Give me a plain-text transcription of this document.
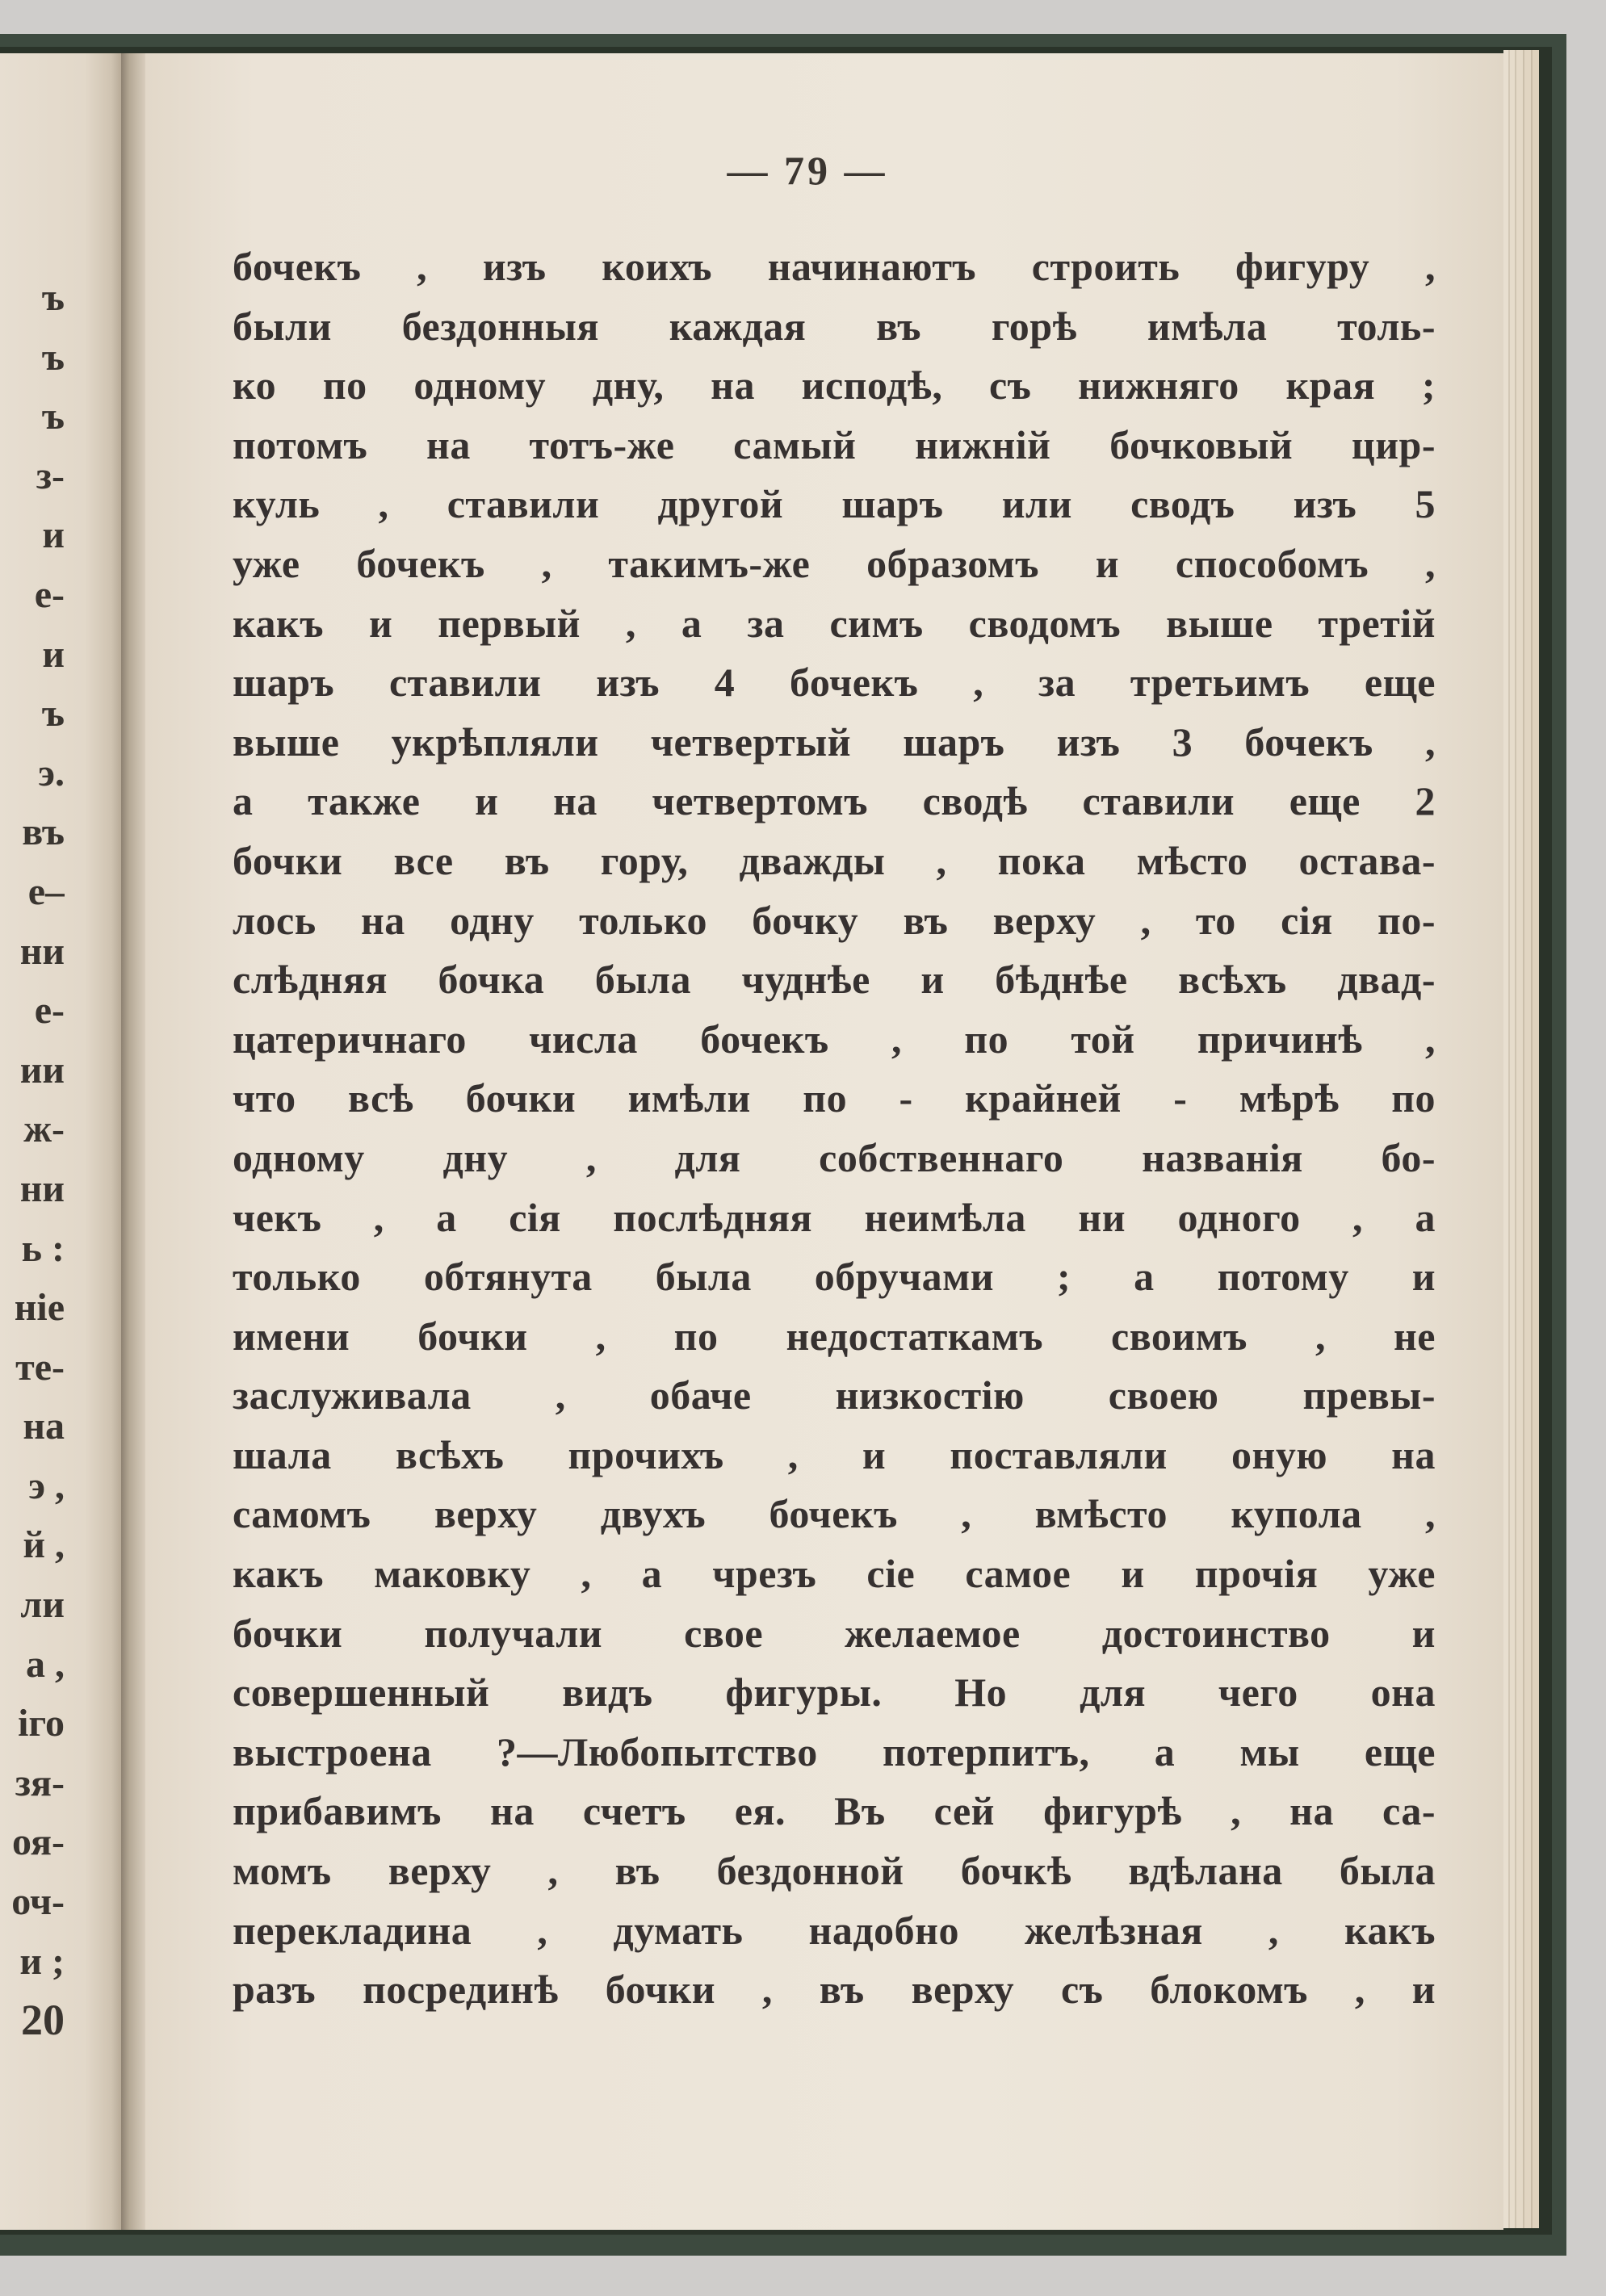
ъ
ъ
ъ
з-
и
е-
и
ъ
э.
въ
е–
ни
е-
ии
ж-
ни
ь :
ніе
те-
на
э ,
й ,
ли
а ,
іго
зя-
оя-
оч-
и ;
20
— 79 —
бочекъ , изъ коихъ начинаютъ строить фигуру ,
были бездонныя каждая въ горѣ имѣла толь-
ко по одному дну, на исподѣ, съ нижняго края ;
потомъ на тотъ-же самый нижній бочковый цир-
куль , ставили другой шаръ или сводъ изъ 5
уже бочекъ , такимъ-же образомъ и способомъ ,
какъ и первый , а за симъ сводомъ выше третій
шаръ ставили изъ 4 бочекъ , за третьимъ еще
выше укрѣпляли четвертый шаръ изъ 3 бочекъ ,
а также и на четвертомъ сводѣ ставили еще 2
бочки все въ гору, дважды , пока мѣсто остава-
лось на одну только бочку въ верху , то сія по-
слѣдняя бочка была чуднѣе и бѣднѣе всѣхъ двад-
цатеричнаго числа бочекъ , по той причинѣ ,
что всѣ бочки имѣли по - крайней - мѣрѣ по
одному дну , для собственнаго названія бо-
чекъ , а сія послѣдняя неимѣла ни одного , а
только обтянута была обручами ; а потому и
имени бочки , по недостаткамъ своимъ , не
заслуживала , обаче низкостію своею превы-
шала всѣхъ прочихъ , и поставляли оную на
самомъ верху двухъ бочекъ , вмѣсто купола ,
какъ маковку , а чрезъ сіе самое и прочія уже
бочки получали свое желаемое достоинство и
совершенный видъ фигуры. Но для чего она
выстроена ?—Любопытство потерпитъ, а мы еще
прибавимъ на счетъ ея. Въ сей фигурѣ , на са-
момъ верху , въ бездонной бочкѣ вдѣлана была
перекладина , думать надобно желѣзная , какъ
разъ посрединѣ бочки , въ верху съ блокомъ , и
